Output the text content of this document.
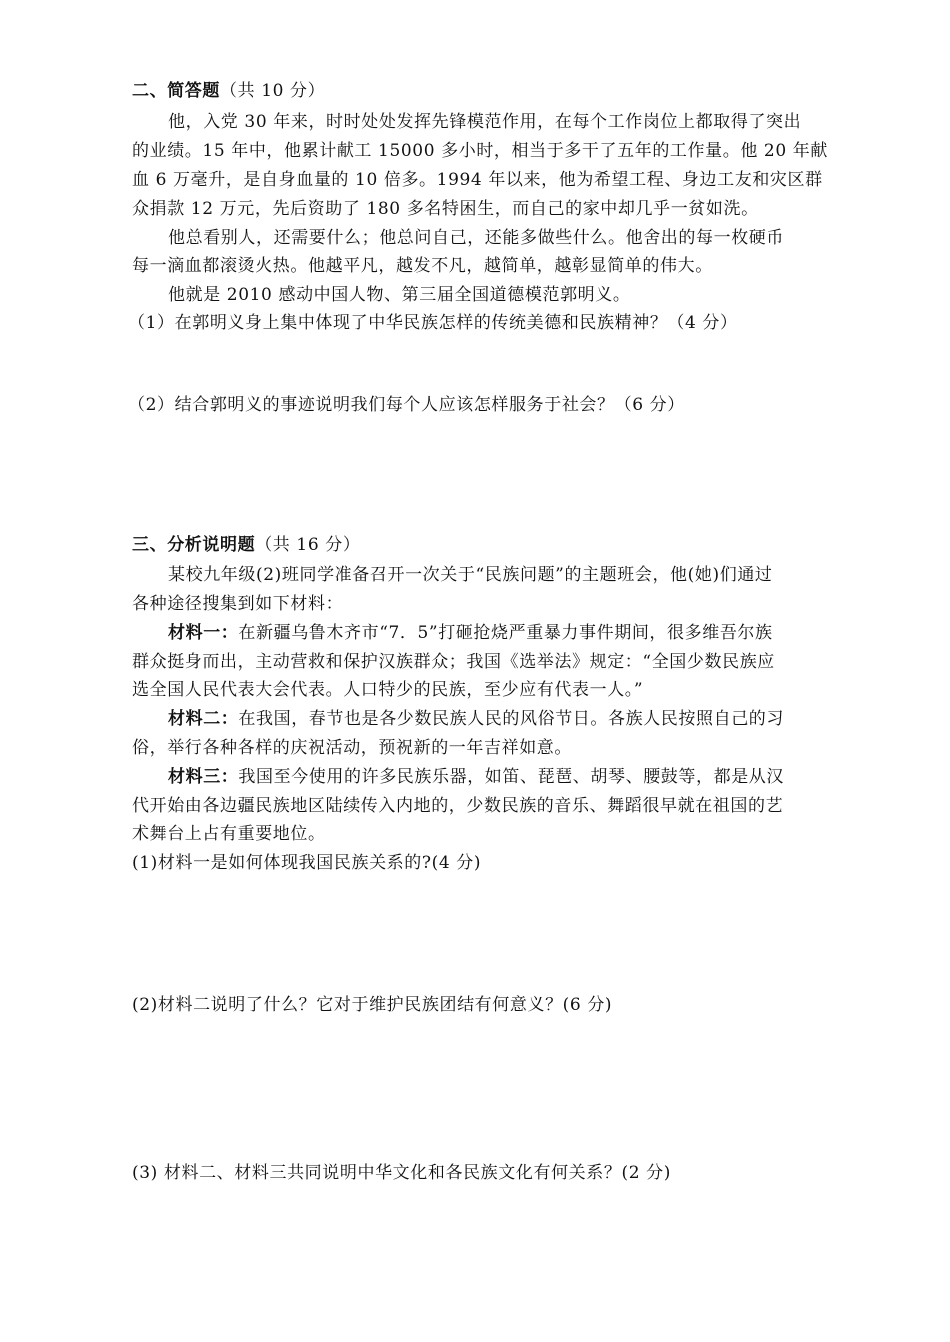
二、简答题（共 10 分）
他，入党 30 年来，时时处处发挥先锋模范作用，在每个工作岗位上都取得了突出
的业绩。15 年中，他累计献工 15000 多小时，相当于多干了五年的工作量。他 20 年献
血 6 万毫升，是自身血量的 10 倍多。1994 年以来，他为希望工程、身边工友和灾区群
众捐款 12 万元，先后资助了 180 多名特困生，而自己的家中却几乎一贫如洗。
他总看别人，还需要什么；他总问自己，还能多做些什么。他舍出的每一枚硬币
每一滴血都滚烫火热。他越平凡，越发不凡，越简单，越彰显简单的伟大。
他就是 2010 感动中国人物、第三届全国道德模范郭明义。
（1）在郭明义身上集中体现了中华民族怎样的传统美德和民族精神？（4 分）
（2）结合郭明义的事迹说明我们每个人应该怎样服务于社会？（6 分）
三、分析说明题（共 16 分）
某校九年级(2)班同学准备召开一次关于“民族问题”的主题班会，他(她)们通过
各种途径搜集到如下材料：
材料一：在新疆乌鲁木齐市“7．5”打砸抢烧严重暴力事件期间，很多维吾尔族
群众挺身而出，主动营救和保护汉族群众；我国《选举法》规定：“全国少数民族应
选全国人民代表大会代表。人口特少的民族，至少应有代表一人。”
材料二：在我国，春节也是各少数民族人民的风俗节日。各族人民按照自己的习
俗，举行各种各样的庆祝活动，预祝新的一年吉祥如意。
材料三：我国至今使用的许多民族乐器，如笛、琵琶、胡琴、腰鼓等，都是从汉
代开始由各边疆民族地区陆续传入内地的，少数民族的音乐、舞蹈很早就在祖国的艺
术舞台上占有重要地位。
(1)材料一是如何体现我国民族关系的?(4 分)
(2)材料二说明了什么？它对于维护民族团结有何意义？(6 分)
(3) 材料二、材料三共同说明中华文化和各民族文化有何关系？(2 分)
